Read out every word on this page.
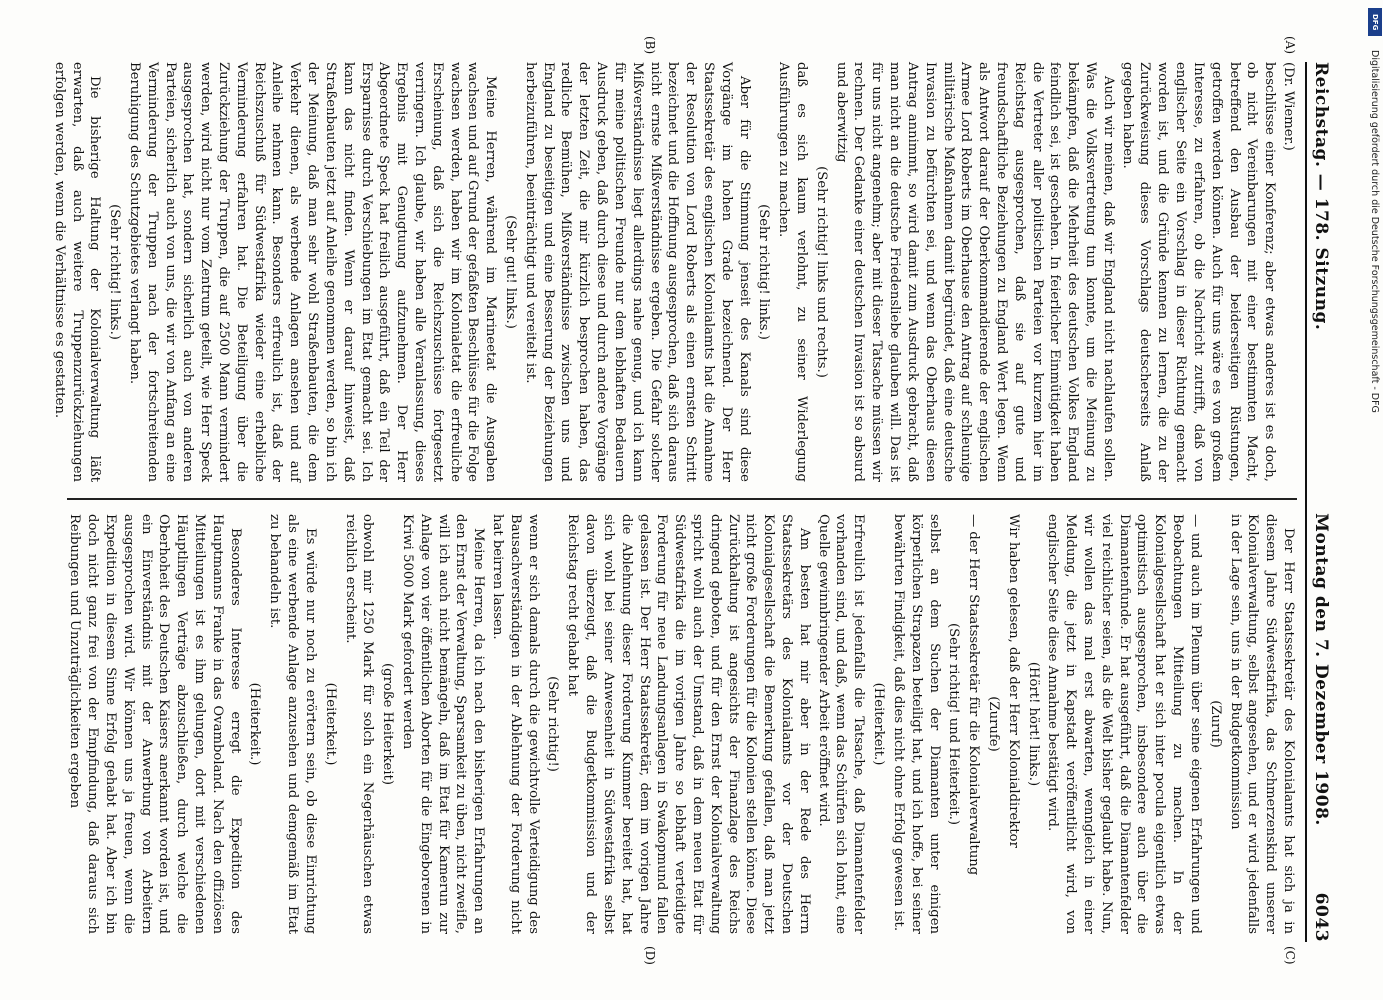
Reichstag. — 178. Sitzung.
Montag den 7. Dezember 1908.
6043

(Dr. Wiemer.)

beschlüsse einer Konferenz; aber etwas anderes ist es doch, ob nicht Vereinbarungen mit einer bestimmten Macht, betreffend den Ausbau der beiderseitigen Rüstungen, getroffen werden können. Auch für uns wäre es von großem Interesse, zu erfahren, ob die Nachricht zutrifft, daß von englischer Seite ein Vorschlag in dieser Richtung gemacht worden ist, und die Gründe kennen zu lernen, die zu der Zurückweisung dieses Vorschlags deutscherseits Anlaß gegeben haben.

Auch wir meinen, daß wir England nicht nachlaufen sollen. Was die Volksvertretung tun konnte, um die Meinung zu bekämpfen, daß die Mehrheit des deutschen Volkes England feindlich sei, ist geschehen. In feierlicher Einmütigkeit haben die Vertreter aller politischen Parteien vor kurzem hier im Reichstag ausgesprochen, daß sie auf gute und freundschaftliche Beziehungen zu England Wert legen. Wenn als Antwort darauf der Oberkommandierende der englischen Armee Lord Roberts im Oberhause den Antrag auf schleunige militärische Maßnahmen damit begründet, daß eine deutsche Invasion zu befürchten sei, und wenn das Oberhaus diesen Antrag annimmt, so wird damit zum Ausdruck gebracht, daß man nicht an die deutsche Friedensliebe glauben will. Das ist für uns nicht angenehm; aber mit dieser Tatsache müssen wir rechnen. Der Gedanke einer deutschen Invasion ist so absurd und aberwitzig

(Sehr richtig! links und rechts.)

daß es sich kaum verlohnt, zu seiner Widerlegung Ausführungen zu machen.

(Sehr richtig! links.)

Aber für die Stimmung jenseit des Kanals sind diese Vorgänge im hohen Grade bezeichnend. Der Herr Staatssekretär des englischen Kolonialamts hat die Annahme der Resolution von Lord Roberts als einen ernsten Schritt bezeichnet und die Hoffnung ausgesprochen, daß sich daraus nicht ernste Mißverständnisse ergeben. Die Gefahr solcher Mißverständnisse liegt allerdings nahe genug, und ich kann für meine politischen Freunde nur dem lebhaften Bedauern Ausdruck geben, daß durch diese und durch andere Vorgänge der letzten Zeit, die mir kürzlich besprochen haben, das redliche Bemühen, Mißverständnisse zwischen uns und England zu beseitigen und eine Besserung der Beziehungen herbeizuführen, beeinträchtigt und vereitelt ist.

(Sehr gut! links.)

Meine Herren, während im Marineetat die Ausgaben wachsen und auf Grund der gefaßten Beschlüsse für die Folge wachsen werden, haben wir im Kolonialetat die erfreuliche Erscheinung, daß sich die Reichszuschüsse fortgesetzt verringern. Ich glaube, wir haben alle Veranlassung, dieses Ergebnis mit Genugtuung aufzunehmen. Der Herr Abgeordnete Speck hat freilich ausgeführt, daß ein Teil der Ersparnisse durch Verschiebungen im Etat gemacht sei. Ich kann das nicht finden. Wenn er darauf hinweist, daß Straßenbauten jetzt auf Anleihe genommen werden, so bin ich der Meinung, daß man sehr wohl Straßenbauten, die dem Verkehr dienen, als werbende Anlagen ansehen und auf Anleihe nehmen kann. Besonders erfreulich ist, daß der Reichszuschuß für Südwestafrika wieder eine erhebliche Verminderung erfahren hat. Die Beteiligung über die Zurückziehung der Truppen, die auf 2500 Mann vermindert werden, wird nicht nur vom Zentrum geteilt, wie Herr Speck ausgesprochen hat, sondern sicherlich auch von anderen Parteien, sicherlich auch von uns, die wir von Anfang an eine Verminderung der Truppen nach der fortschreitenden Beruhigung des Schutzgebietes verlangt haben.

(Sehr richtig! links.)

Die bisherige Haltung der Kolonialverwaltung läßt erwarten, daß auch weitere Truppenzurückziehungen erfolgen werden, wenn die Verhältnisse es gestatten.

Der Herr Staatssekretär des Kolonialamts hat sich ja in diesem Jahre Südwestafrika, das Schmerzenskind unserer Kolonialverwaltung, selbst angesehen, und er wird jedenfalls in der Lage sein, uns in der Budgetkommission

(Zuruf)

— und auch im Plenum über seine eigenen Erfahrungen und Beobachtungen Mitteilung zu machen. In der Kolonialgesellschaft hat er sich inter pocula eigentlich etwas optimistisch ausgesprochen, insbesondere auch über die Diamantenfunde. Er hat ausgeführt, daß die Diamantenfelder viel reichlicher seien, als die Welt bisher geglaubt habe. Nun, wir wollen das mal erst abwarten, wenngleich in einer Meldung, die jetzt in Kapstadt veröffentlicht wird, von englischer Seite diese Annahme bestätigt wird.

(Hört! hört! links.)

Wir haben gelesen, daß der Herr Kolonialdirektor

(Zurufe)

— der Herr Staatssekretär für die Kolonialverwaltung

(Sehr richtig! und Heiterkeit.)

selbst an dem Suchen der Diamanten unter einigen körperlichen Strapazen beteiligt hat, und ich hoffe, bei seiner bewährten Findigkeit, daß dies nicht ohne Erfolg gewesen ist.

(Heiterkeit.)

Erfreulich ist jedenfalls die Tatsache, daß Diamantenfelder vorhanden sind, und daß, wenn das Schürfen sich lohnt, eine Quelle gewinnbringender Arbeit eröffnet wird.

Am besten hat mir aber in der Rede des Herrn Staatssekretärs des Kolonialamts vor der Deutschen Kolonialgesellschaft die Bemerkung gefallen, daß man jetzt nicht große Forderungen für die Kolonien stellen könne. Diese Zurückhaltung ist angesichts der Finanzlage des Reichs dringend geboten, und für den Ernst der Kolonialverwaltung spricht wohl auch der Umstand, daß in dem neuen Etat für Südwestafrika die im vorigen Jahre so lebhaft verteidigte Forderung für neue Landungsanlagen in Swakopmund fallen gelassen ist. Der Herr Staatssekretär, dem im vorigen Jahre die Ablehnung dieser Forderung Kummer bereitet hat, hat sich wohl bei seiner Anwesenheit in Südwestafrika selbst davon überzeugt, daß die Budgetkommission und der Reichstag recht gehabt hat

(Sehr richtig!)

wenn er sich damals durch die gewichtvolle Verteidigung des Bausachverständigen in der Ablehnung der Forderung nicht hat beirren lassen.

Meine Herren, da ich nach den bisherigen Erfahrungen an den Ernst der Verwaltung, Sparsamkeit zu üben, nicht zweifle, will ich auch nicht bemängeln, daß im Etat für Kamerun zur Anlage von vier öffentlichen Aborten für die Eingeborenen in Kriwi 5000 Mark gefordert werden

(große Heiterkeit)

obwohl mir 1250 Mark für solch ein Negerhäuschen etwas reichlich erscheint.

(Heiterkeit.)

Es würde nur noch zu erörtern sein, ob diese Einrichtung als eine werbende Anlage anzusehen und demgemäß im Etat zu behandeln ist.

(Heiterkeit.)

Besonderes Interesse erregt die Expedition des Hauptmanns Franke in das Ovamboland. Nach den offiziösen Mitteilungen ist es ihm gelungen, dort mit verschiedenen Häuptlingen Verträge abzuschließen, durch welche die Oberhoheit des Deutschen Kaisers anerkannt worden ist, und ein Einverständnis mit der Anwerbung von Arbeitern ausgesprochen wird. Wir können uns ja freuen, wenn die Expedition in diesem Sinne Erfolg gehabt hat. Aber ich bin doch nicht ganz frei von der Empfindung, daß daraus sich Reibungen und Unzuträglichkeiten ergeben

(A)
(B)
(C)
(D)
DFG
Digitalisierung gefördert durch die Deutsche Forschungsgemeinschaft - DFG
